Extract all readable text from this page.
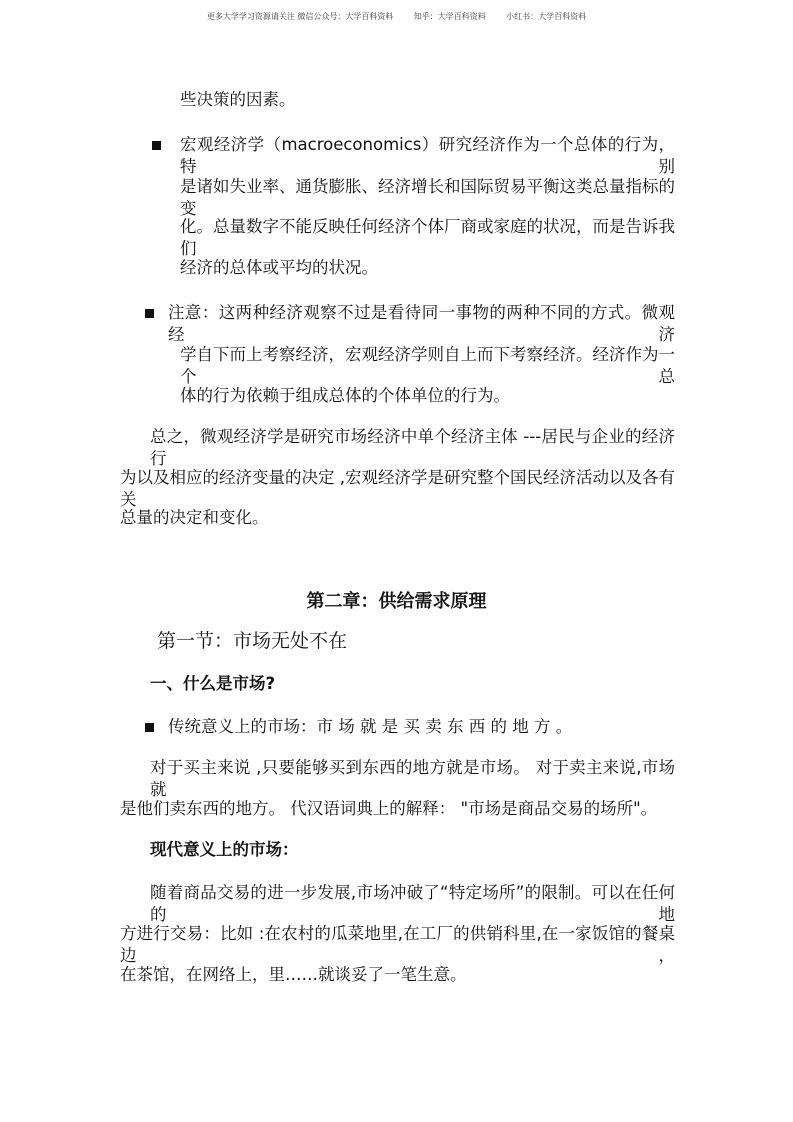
更多大学学习资源请关注 微信公众号：大学百科资料        知乎：大学百科资料        小红书：大学百科资料
些决策的因素。
宏观经济学（macroeconomics）研究经济作为一个总体的行为，特别
是诸如失业率、通货膨胀、经济增长和国际贸易平衡这类总量指标的变
化。总量数字不能反映任何经济个体厂商或家庭的状况，而是告诉我们
经济的总体或平均的状况。
注意：这两种经济观察不过是看待同一事物的两种不同的方式。微观经济
学自下而上考察经济，宏观经济学则自上而下考察经济。经济作为一个总
体的行为依赖于组成总体的个体单位的行为。
总之，微观经济学是研究市场经济中单个经济主体 ---居民与企业的经济行
为以及相应的经济变量的决定 ,宏观经济学是研究整个国民经济活动以及各有关
总量的决定和变化。
第二章：供给需求原理
第一节：市场无处不在
一、什么是市场?
传统意义上的市场：市 场 就 是 买 卖 东 西 的 地 方 。
对于买主来说 ,只要能够买到东西的地方就是市场。 对于卖主来说,市场就
是他们卖东西的地方。 代汉语词典上的解释： "市场是商品交易的场所"。
现代意义上的市场：
随着商品交易的进一步发展,市场冲破了“特定场所”的限制。可以在任何的地
方进行交易：比如 :在农村的瓜菜地里,在工厂的供销科里,在一家饭馆的餐桌边，
在茶馆，在网络上，里……就谈妥了一笔生意。
